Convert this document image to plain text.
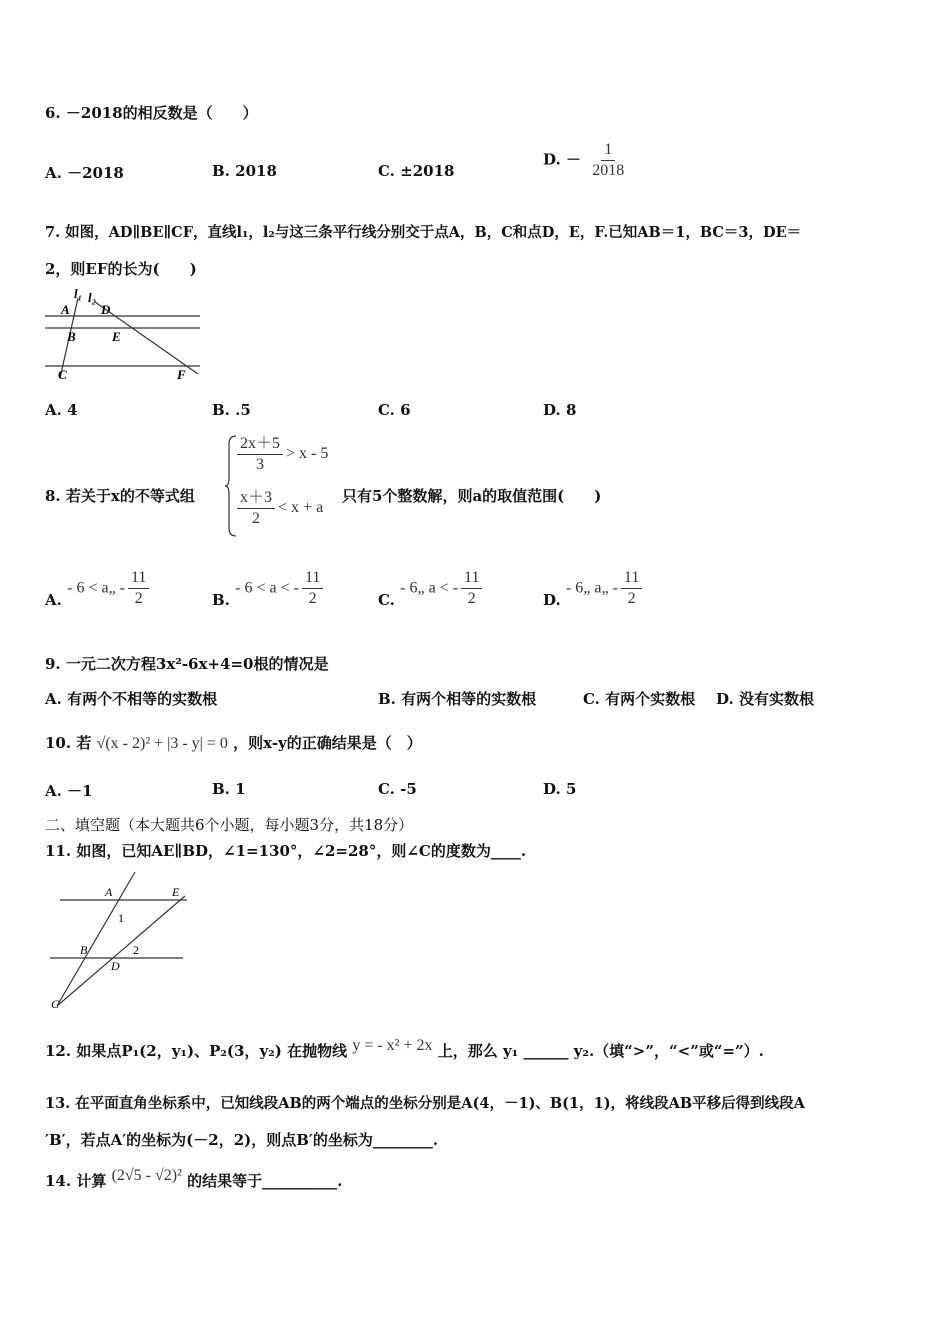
6. －2018的相反数是（　　）
A. －2018	B. 2018	C. ±2018
D. － $\frac{1}{2018}$
7. 如图，AD∥BE∥CF，直线l₁，l₂与这三条平行线分别交于点A，B，C和点D，E，F.已知AB＝1，BC＝3，DE＝
2，则EF的长为(　　)
l₁ l₂
A D
B	E
C	F
A. 4	B. .5	C. 6	D. 8
8. 若关于x的不等式组
$\frac{2x+5}{3} > x - 5$
$\frac{x+3}{2} < x + a$
只有5个整数解，则a的取值范围(　　)
A. - 6 < a„ - $\frac{11}{2}$	B. - 6 < a < - $\frac{11}{2}$	C. - 6„ a < - $\frac{11}{2}$	D. - 6„ a„ - $\frac{11}{2}$
9. 一元二次方程3x²-6x+4=0根的情况是
A. 有两个不相等的实数根	B. 有两个相等的实数根	C. 有两个实数根 D. 没有实数根
10. 若 √(x - 2)² + |3 - y| = 0 ，则x-y的正确结果是（　）
A. －1	B. 1	C. -5	D. 5
二、填空题（本大题共6个小题，每小题3分，共18分）
11. 如图，已知AE∥BD，∠1=130°，∠2=28°，则∠C的度数为____.
A	E
1
B	2
D
C
12. 如果点P₁(2，y₁)、P₂(3，y₂) 在抛物线 y = - x² + 2x 上，那么 y₁ ______ y₂.（填“>”，“<”或“=”）.
13. 在平面直角坐标系中，已知线段AB的两个端点的坐标分别是A(4，－1)、B(1，1)，将线段AB平移后得到线段A
′B′，若点A′的坐标为(－2，2)，则点B′的坐标为________.
14. 计算 (2√5 - √2)² 的结果等于__________.
